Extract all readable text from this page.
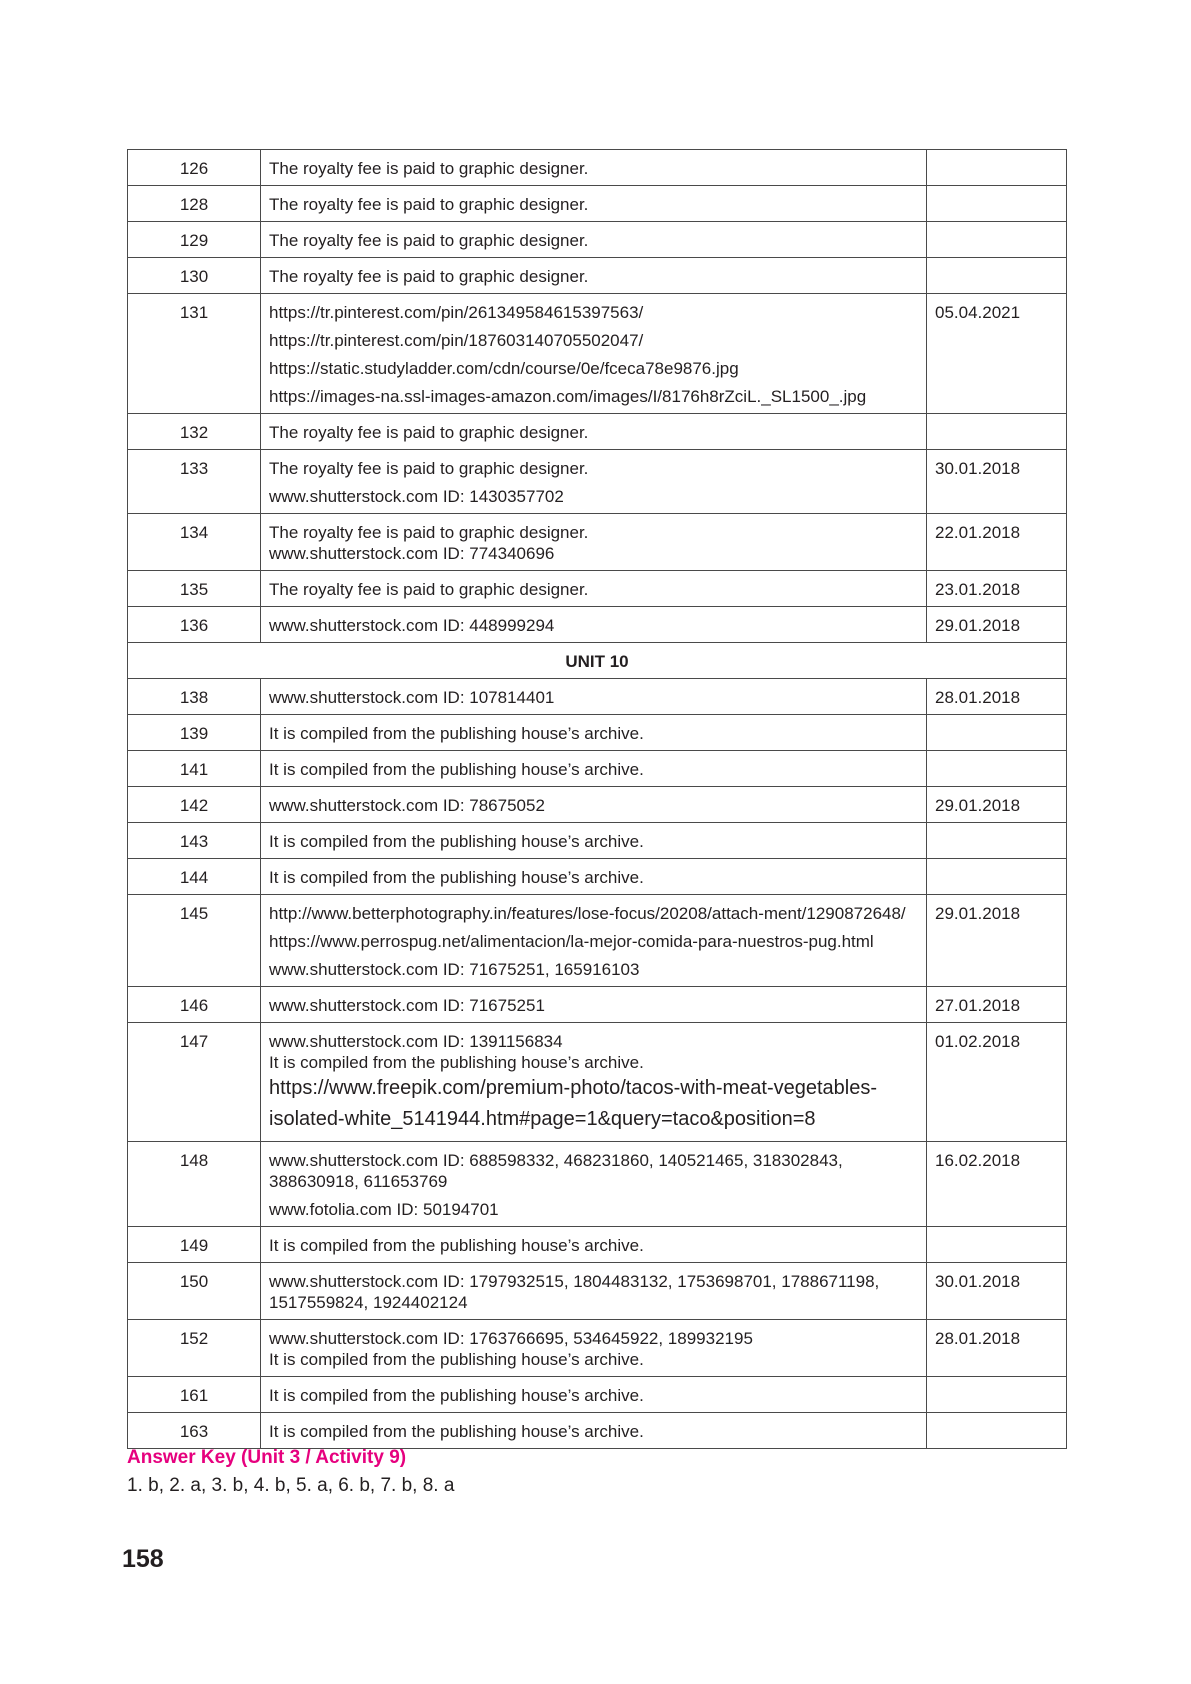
126	The royalty fee is paid to graphic designer.	

128	The royalty fee is paid to graphic designer.	

129	The royalty fee is paid to graphic designer.	

130	The royalty fee is paid to graphic designer.	

131	https://tr.pinterest.com/pin/261349584615397563/
https://tr.pinterest.com/pin/187603140705502047/
https://static.studyladder.com/cdn/course/0e/fceca78e9876.jpg
https://images-na.ssl-images-amazon.com/images/I/8176h8rZciL._SL1500_.jpg	05.04.2021
132	The royalty fee is paid to graphic designer.	

133	The royalty fee is paid to graphic designer.
www.shutterstock.com ID: 1430357702	30.01.2018
134	The royalty fee is paid to graphic designer.
www.shutterstock.com ID: 774340696	22.01.2018
135	The royalty fee is paid to graphic designer.	23.01.2018
136	www.shutterstock.com ID: 448999294	29.01.2018
UNIT 10		
138	www.shutterstock.com ID: 107814401	28.01.2018
139	It is compiled from the publishing house’s archive.	

141	It is compiled from the publishing house’s archive.	

142	www.shutterstock.com ID: 78675052	29.01.2018
143	It is compiled from the publishing house’s archive.	

144	It is compiled from the publishing house’s archive.	

145	http://www.betterphotography.in/features/lose-focus/20208/attach-ment/1290872648/
https://www.perrospug.net/alimentacion/la-mejor-comida-para-nuestros-pug.html
www.shutterstock.com ID: 71675251, 165916103	29.01.2018
146	www.shutterstock.com ID: 71675251	27.01.2018
147	www.shutterstock.com ID: 1391156834
It is compiled from the publishing house’s archive.
https://www.freepik.com/premium-photo/tacos-with-meat-vegetables-isolated-white_5141944.htm#page=1&query=taco&position=8	01.02.2018
148	www.shutterstock.com ID: 688598332, 468231860, 140521465, 318302843, 388630918, 611653769
www.fotolia.com ID: 50194701	16.02.2018
149	It is compiled from the publishing house’s archive.	

150	www.shutterstock.com ID: 1797932515, 1804483132, 1753698701, 1788671198, 1517559824, 1924402124	30.01.2018
152	www.shutterstock.com ID: 1763766695, 534645922, 189932195
It is compiled from the publishing house’s archive.	28.01.2018
161	It is compiled from the publishing house’s archive.	

163	It is compiled from the publishing house’s archive.	

Answer Key (Unit 3 / Activity 9)

1. b, 2. a, 3. b, 4. b, 5. a, 6. b, 7. b, 8. a

158
